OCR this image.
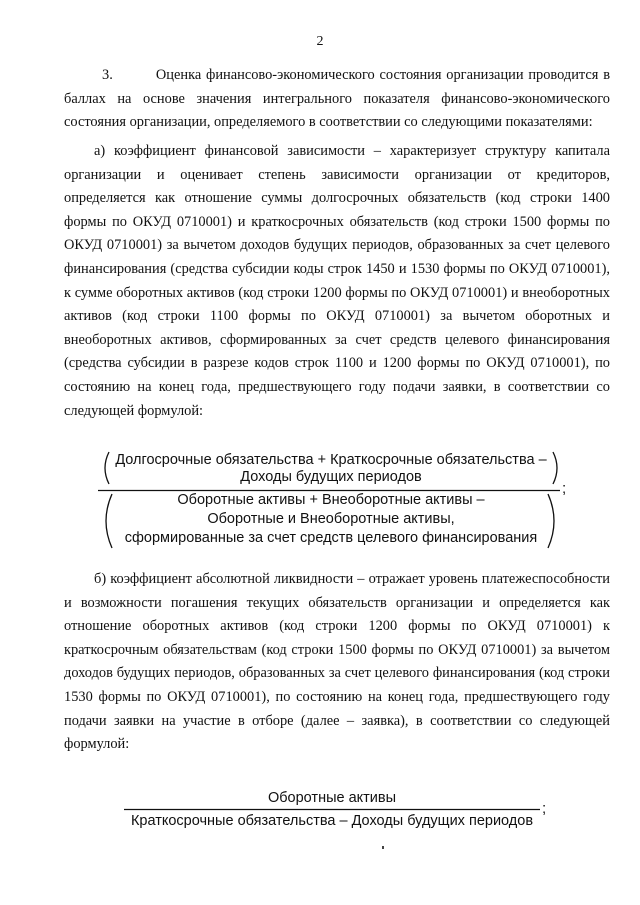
2
3.	Оценка финансово-экономического состояния организации проводится в баллах на основе значения интегрального показателя финансово-экономического состояния организации, определяемого в соответствии со следующими показателями:
а) коэффициент финансовой зависимости – характеризует структуру капитала организации и оценивает степень зависимости организации от кредиторов, определяется как отношение суммы долгосрочных обязательств (код строки 1400 формы по ОКУД 0710001) и краткосрочных обязательств (код строки 1500 формы по ОКУД 0710001) за вычетом доходов будущих периодов, образованных за счет целевого финансирования (средства субсидии коды строк 1450 и 1530 формы по ОКУД 0710001), к сумме оборотных активов (код строки 1200 формы по ОКУД 0710001) и внеоборотных активов (код строки 1100 формы по ОКУД 0710001) за вычетом оборотных и внеоборотных активов, сформированных за счет средств целевого финансирования (средства субсидии в разрезе кодов строк 1100 и 1200 формы по ОКУД 0710001), по состоянию на конец года, предшествующего году подачи заявки, в соответствии со следующей формулой:
Долгосрочные обязательства + Краткосрочные обязательства –
Доходы будущих периодов
;
Оборотные активы + Внеоборотные активы –
Оборотные и Внеоборотные активы,
сформированные за счет средств целевого финансирования
б) коэффициент абсолютной ликвидности – отражает уровень платежеспособности и возможности погашения текущих обязательств организации и определяется как отношение оборотных активов (код строки 1200 формы по ОКУД 0710001) к краткосрочным обязательствам (код строки 1500 формы по ОКУД 0710001) за вычетом доходов будущих периодов, образованных за счет целевого финансирования (код строки 1530 формы по ОКУД 0710001), по состоянию на конец года, предшествующего году подачи заявки на участие в отборе (далее – заявка), в соответствии со следующей формулой:
Оборотные активы
Краткосрочные обязательства – Доходы будущих периодов
;
